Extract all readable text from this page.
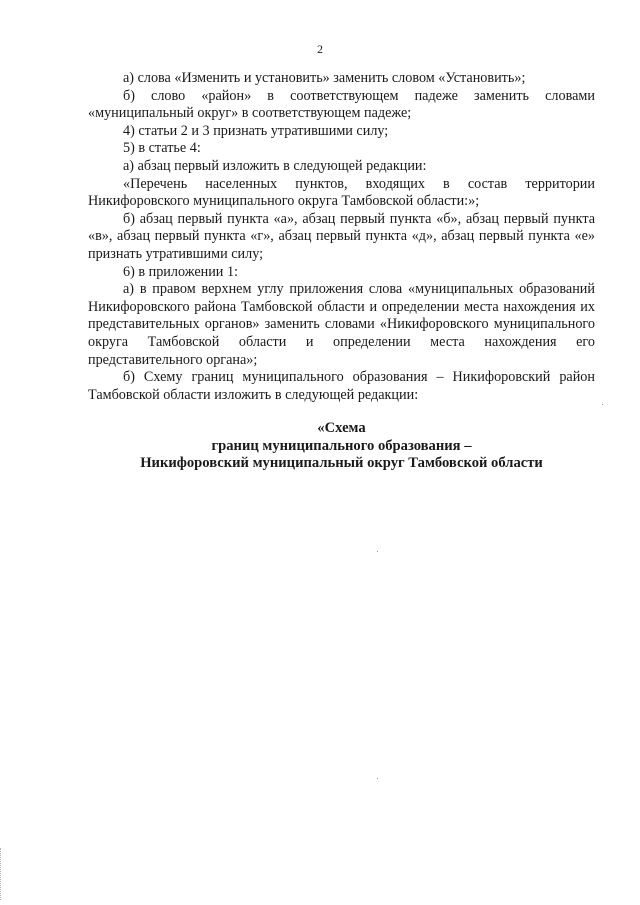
2

а) слова «Изменить и установить» заменить словом «Установить»;

б) слово «район» в соответствующем падеже заменить словами «муниципальный округ» в соответствующем падеже;

4) статьи 2 и 3 признать утратившими силу;

5) в статье 4:

а) абзац первый изложить в следующей редакции:

«Перечень населенных пунктов, входящих в состав территории Никифоровского муниципального округа Тамбовской области:»;

б) абзац первый пункта «а», абзац первый пункта «б», абзац первый пункта «в», абзац первый пункта «г», абзац первый пункта «д», абзац первый пункта «е» признать утратившими силу;

6) в приложении 1:

а) в правом верхнем углу приложения слова «муниципальных образований Никифоровского района Тамбовской области и определении места нахождения их представительных органов» заменить словами «Никифоровского муниципального округа Тамбовской области и определении места нахождения его представительного органа»;

б) Схему границ муниципального образования – Никифоровский район Тамбовской области изложить в следующей редакции:

«Схема
границ муниципального образования –
Никифоровский муниципальный округ Тамбовской области
